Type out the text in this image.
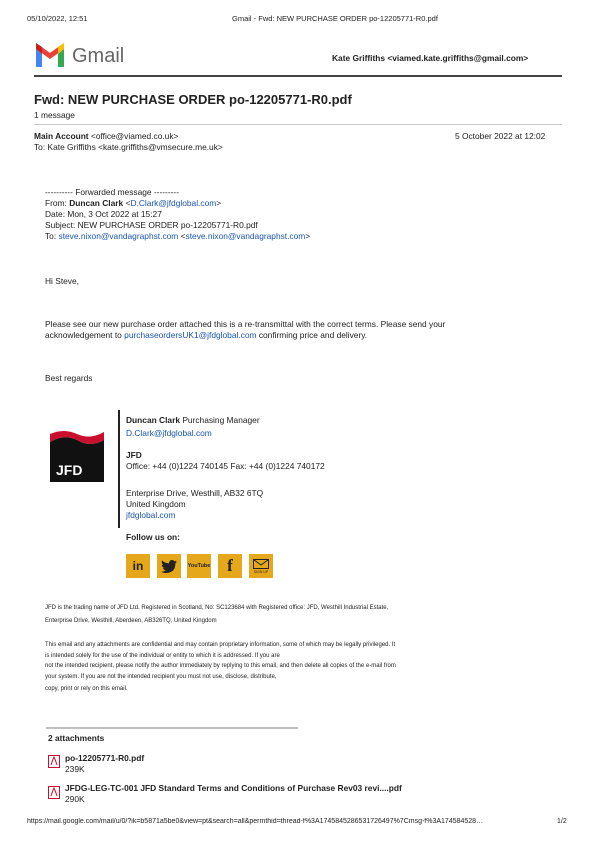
05/10/2022, 12:51	Gmail - Fwd: NEW PURCHASE ORDER po-12205771-R0.pdf
Gmail	Kate Griffiths <viamed.kate.griffiths@gmail.com>
Fwd: NEW PURCHASE ORDER po-12205771-R0.pdf
1 message
Main Account <office@viamed.co.uk>	5 October 2022 at 12:02
To: Kate Griffiths <kate.griffiths@vmsecure.me.uk>
---------- Forwarded message ---------
From: Duncan Clark <D.Clark@jfdglobal.com>
Date: Mon, 3 Oct 2022 at 15:27
Subject: NEW PURCHASE ORDER po-12205771-R0.pdf
To: steve.nixon@vandagraphst.com <steve.nixon@vandagraphst.com>
Hi Steve,
Please see our new purchase order attached this is a re-transmittal with the correct terms. Please send your
acknowledgement to purchaseordersUK1@jfdglobal.com confirming price and delivery.
Best regards
JFD
Duncan Clark Purchasing Manager
D.Clark@jfdglobal.com
JFD
Office: +44 (0)1224 740145 Fax: +44 (0)1224 740172
Enterprise Drive, Westhill, AB32 6TQ
United Kingdom
jfdglobal.com
Follow us on:
in	YouTube f	SIGN UP
JFD is the trading name of JFD Ltd. Registered in Scotland, No: SC123684 with Registered office: JFD, Westhill Industrial Estate,
Enterprise Drive, Westhill, Aberdeen, AB326TQ, United Kingdom
This email and any attachments are confidential and may contain proprietary information, some of which may be legally privileged. It
is intended solely for the use of the individual or entity to which it is addressed. If you are
not the intended recipient, please notify the author immediately by replying to this email, and then delete all copies of the e-mail from
your system. If you are not the intended recipient you must not use, disclose, distribute,
copy, print or rely on this email.
2 attachments
po-12205771-R0.pdf
239K
JFDG-LEG-TC-001 JFD Standard Terms and Conditions of Purchase Rev03 revi....pdf
290K
https://mail.google.com/mail/u/0/?ik=b5871a5be0&view=pt&search=all&permthid=thread-f%3A1745845286531726497%7Cmsg-f%3A174584528…	1/2
